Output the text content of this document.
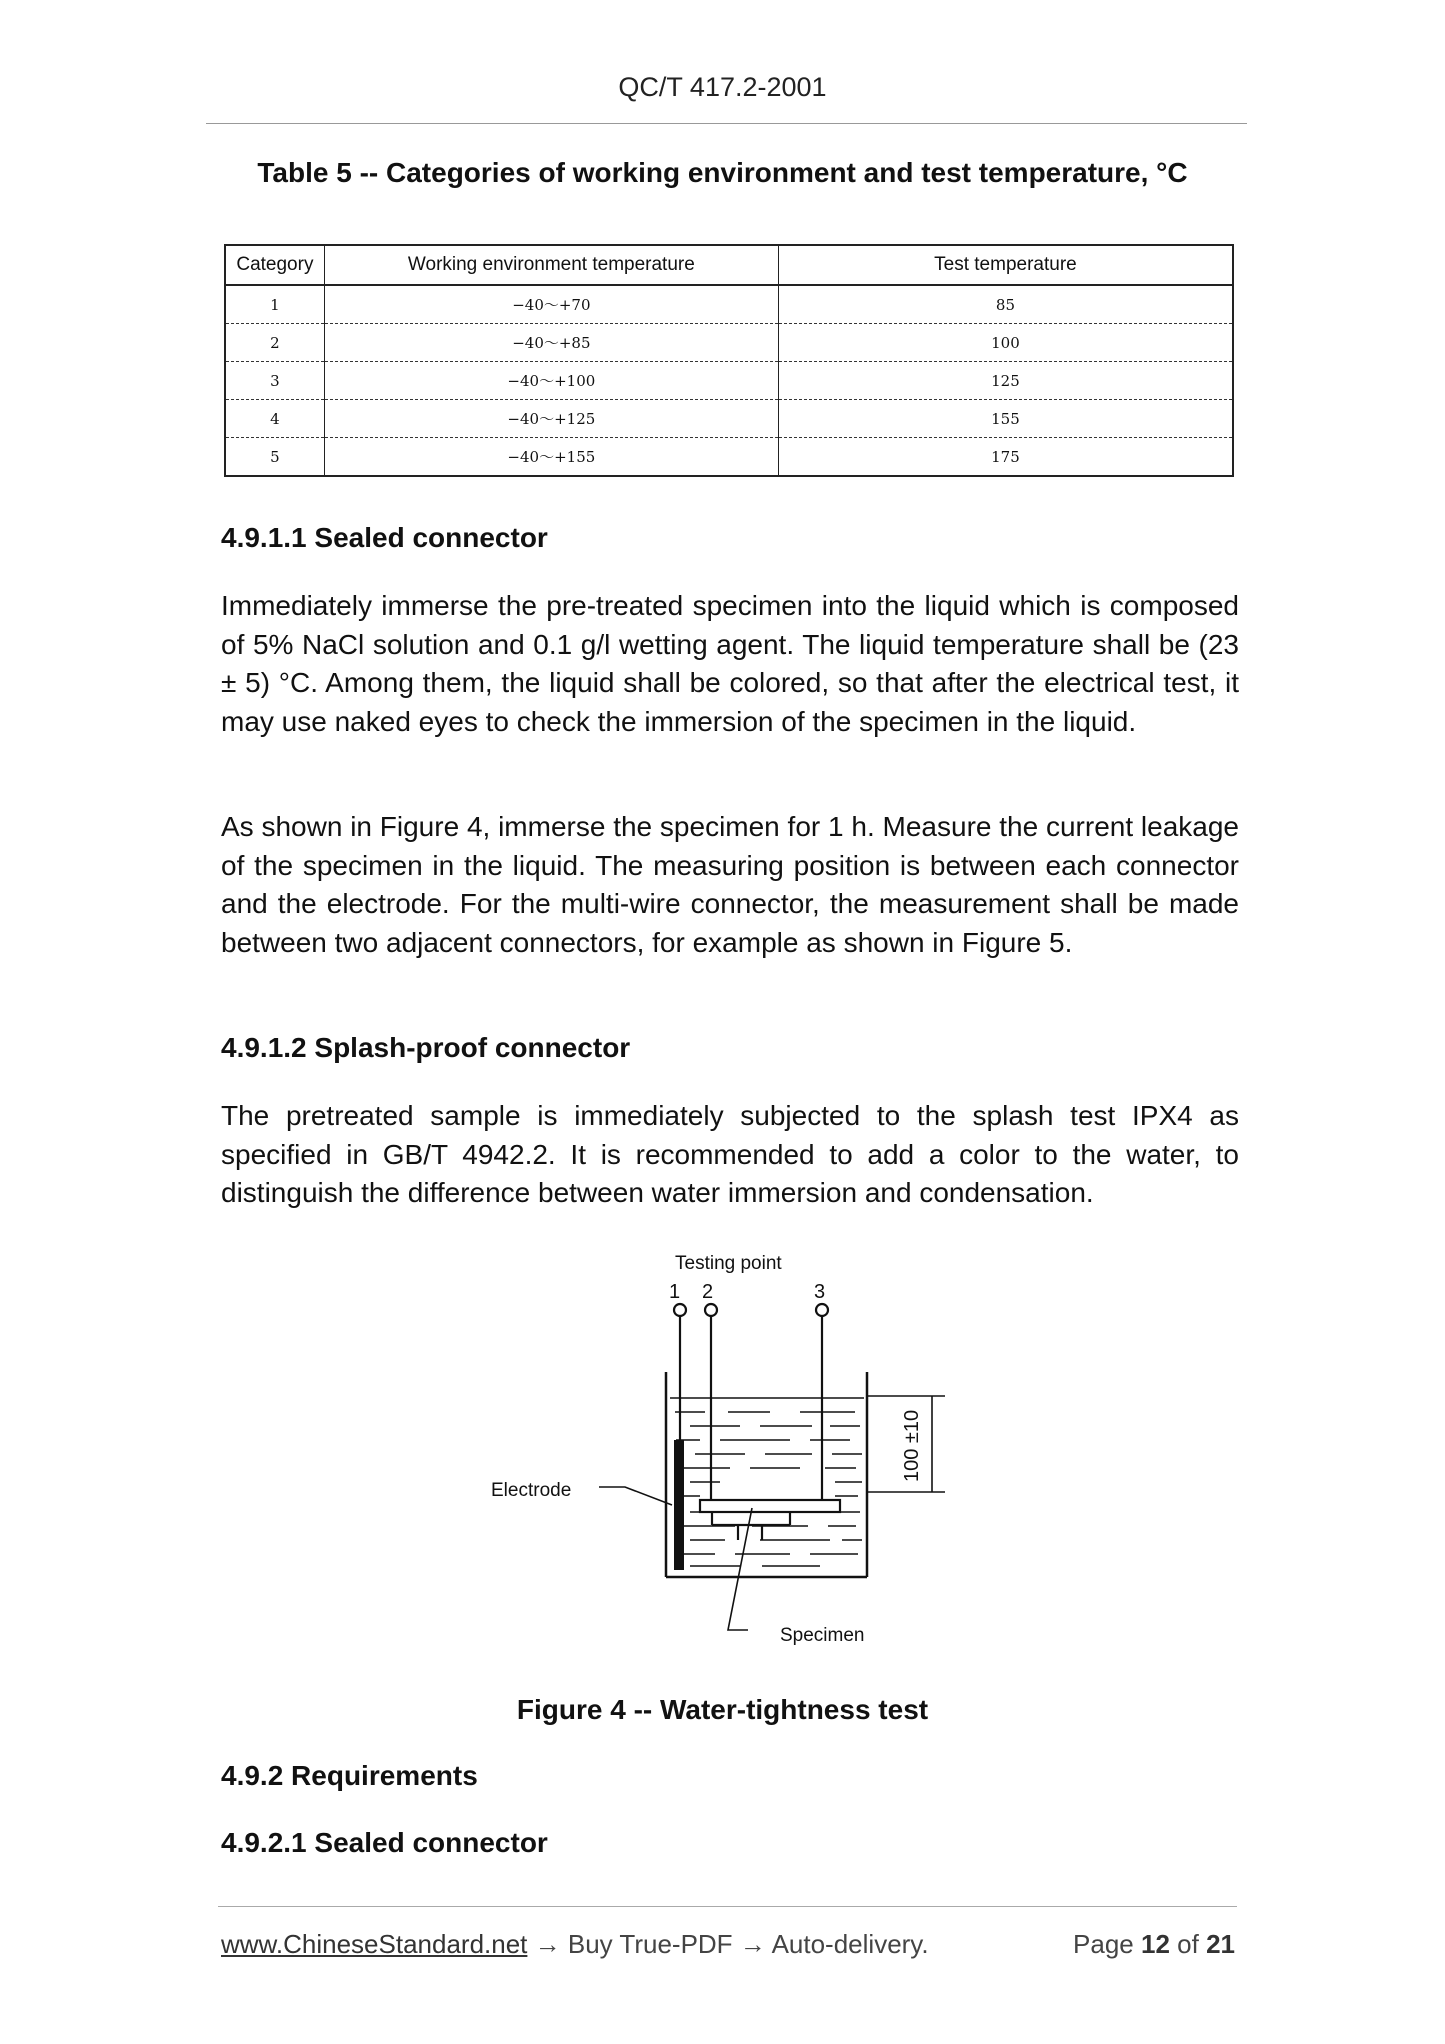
QC/T 417.2-2001
Table 5 -- Categories of working environment and test temperature, °C
Category	Working environment temperature	Test temperature
1	−40～+70	85
2	−40～+85	100
3	−40～+100	125
4	−40～+125	155
5	−40～+155	175
4.9.1.1 Sealed connector

Immediately immerse the pre-treated specimen into the liquid which is composed of 5% NaCl solution and 0.1 g/l wetting agent. The liquid temperature shall be (23 ± 5) °C. Among them, the liquid shall be colored, so that after the electrical test, it may use naked eyes to check the immersion of the specimen in the liquid.

As shown in Figure 4, immerse the specimen for 1 h. Measure the current leakage of the specimen in the liquid. The measuring position is between each connector and the electrode. For the multi-wire connector, the measurement shall be made between two adjacent connectors, for example as shown in Figure 5.

4.9.1.2 Splash-proof connector

The pretreated sample is immediately subjected to the splash test IPX4 as specified in GB/T 4942.2. It is recommended to add a color to the water, to distinguish the difference between water immersion and condensation.

Testing point
1 2	3
100 ±10
Electrode
Specimen
Figure 4 -- Water-tightness test
4.9.2 Requirements
4.9.2.1 Sealed connector
www.ChineseStandard.net → Buy True-PDF → Auto-delivery.	Page 12 of 21
